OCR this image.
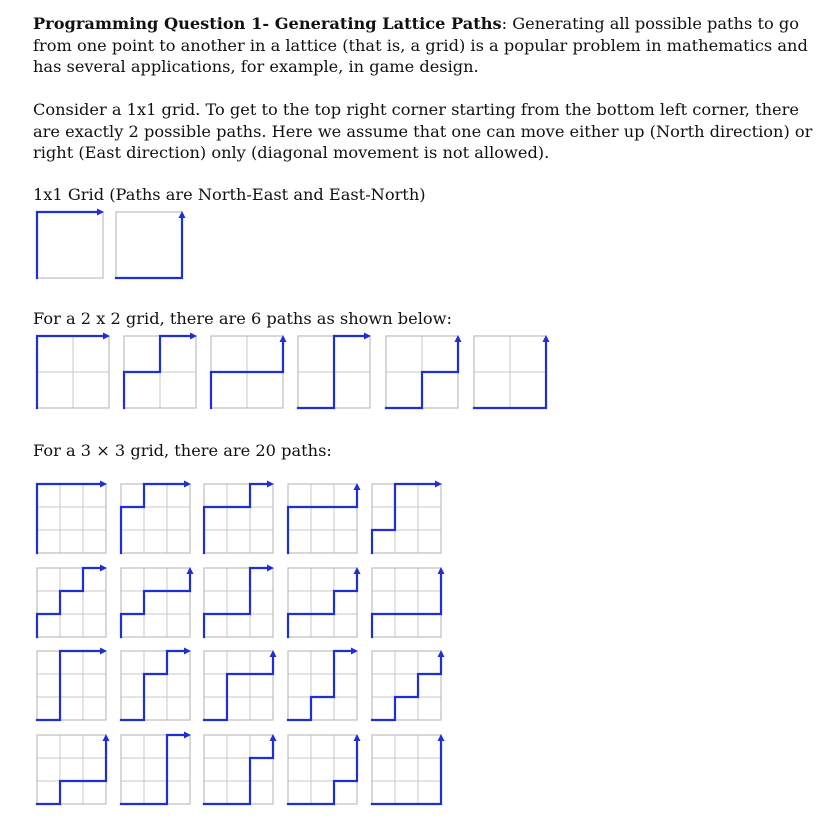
Programming Question 1- Generating Lattice Paths: Generating all possible paths to go from one point to another in a lattice (that is, a grid) is a popular problem in mathematics and has several applications, for example, in game design.
Consider a 1x1 grid. To get to the top right corner starting from the bottom left corner, there are exactly 2 possible paths. Here we assume that one can move either up (North direction) or right (East direction) only (diagonal movement is not allowed).
1x1 Grid (Paths are North-East and East-North)
For a 2 x 2 grid, there are 6 paths as shown below:
For a 3 × 3 grid, there are 20 paths:
